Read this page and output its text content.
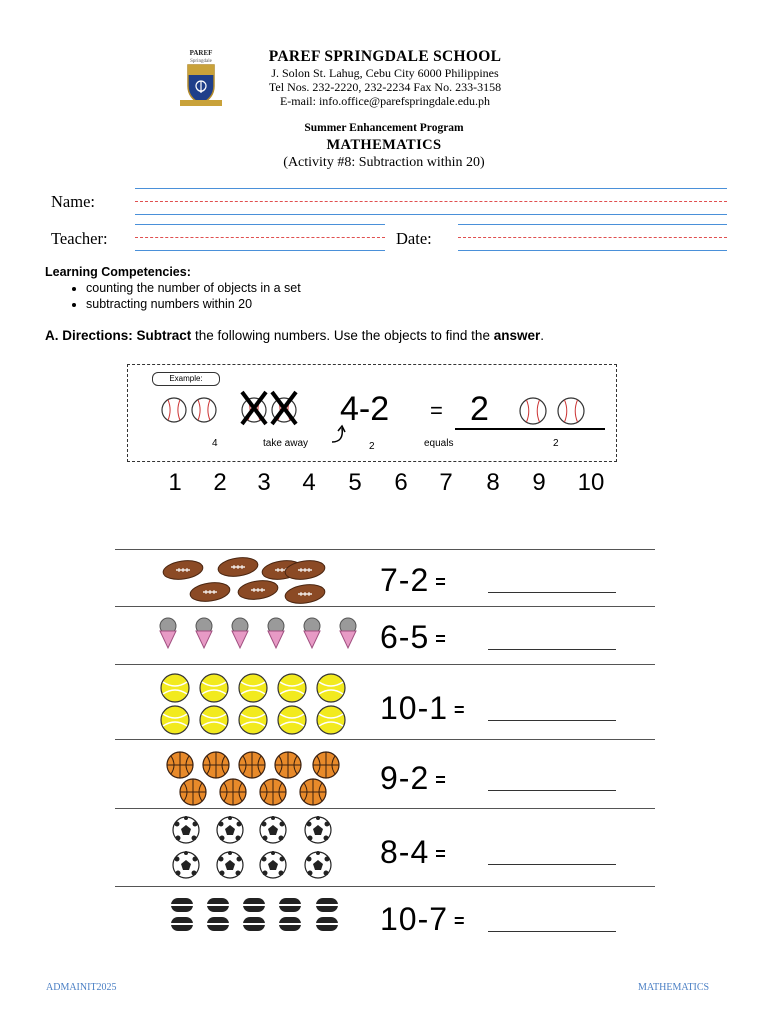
PAREF
Springdale	PAREF SPRINGDALE SCHOOL
J. Solon St. Lahug, Cebu City 6000 Philippines
Tel Nos. 232-2220, 232-2234 Fax No. 233-3158
E-mail: info.office@parefspringdale.edu.ph
Summer Enhancement Program
MATHEMATICS
(Activity #8: Subtraction within 20)
Name:
Teacher:	Date:
Learning Competencies:
• counting the number of objects in a set
• subtracting numbers within 20
A. Directions: Subtract the following numbers. Use the objects to find the answer.
Example:
4-2 = 2
4	take away	2	equals	2
1	2	3	4	5	6	7	8	9	10
7-2 =
6-5 =
10-1 =
9-2 =
8-4 =
10-7 =
ADMAINIT2025	MATHEMATICS
